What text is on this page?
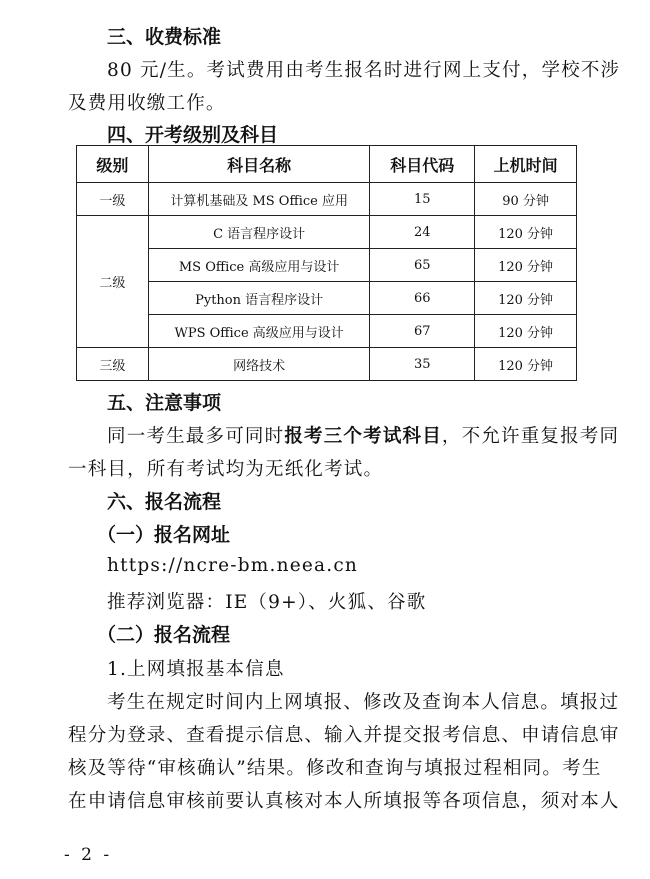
三、收费标准
80 元/生。考试费用由考生报名时进行网上支付，学校不涉
及费用收缴工作。
四、开考级别及科目
级别	科目名称	科目代码	上机时间
一级	计算机基础及 MS Office 应用	15	90 分钟
二级	C 语言程序设计	24	120 分钟
	MS Office 高级应用与设计	65	120 分钟
	Python 语言程序设计	66	120 分钟
	WPS Office 高级应用与设计	67	120 分钟
三级	网络技术	35	120 分钟
五、注意事项
同一考生最多可同时报考三个考试科目，不允许重复报考同
一科目，所有考试均为无纸化考试。
六、报名流程
（一）报名网址
https://ncre-bm.neea.cn
推荐浏览器：IE（9+）、火狐、谷歌
（二）报名流程
1.上网填报基本信息
考生在规定时间内上网填报、修改及查询本人信息。填报过
程分为登录、查看提示信息、输入并提交报考信息、申请信息审
核及等待“审核确认”结果。修改和查询与填报过程相同。考生
在申请信息审核前要认真核对本人所填报等各项信息，须对本人
- 2 -
